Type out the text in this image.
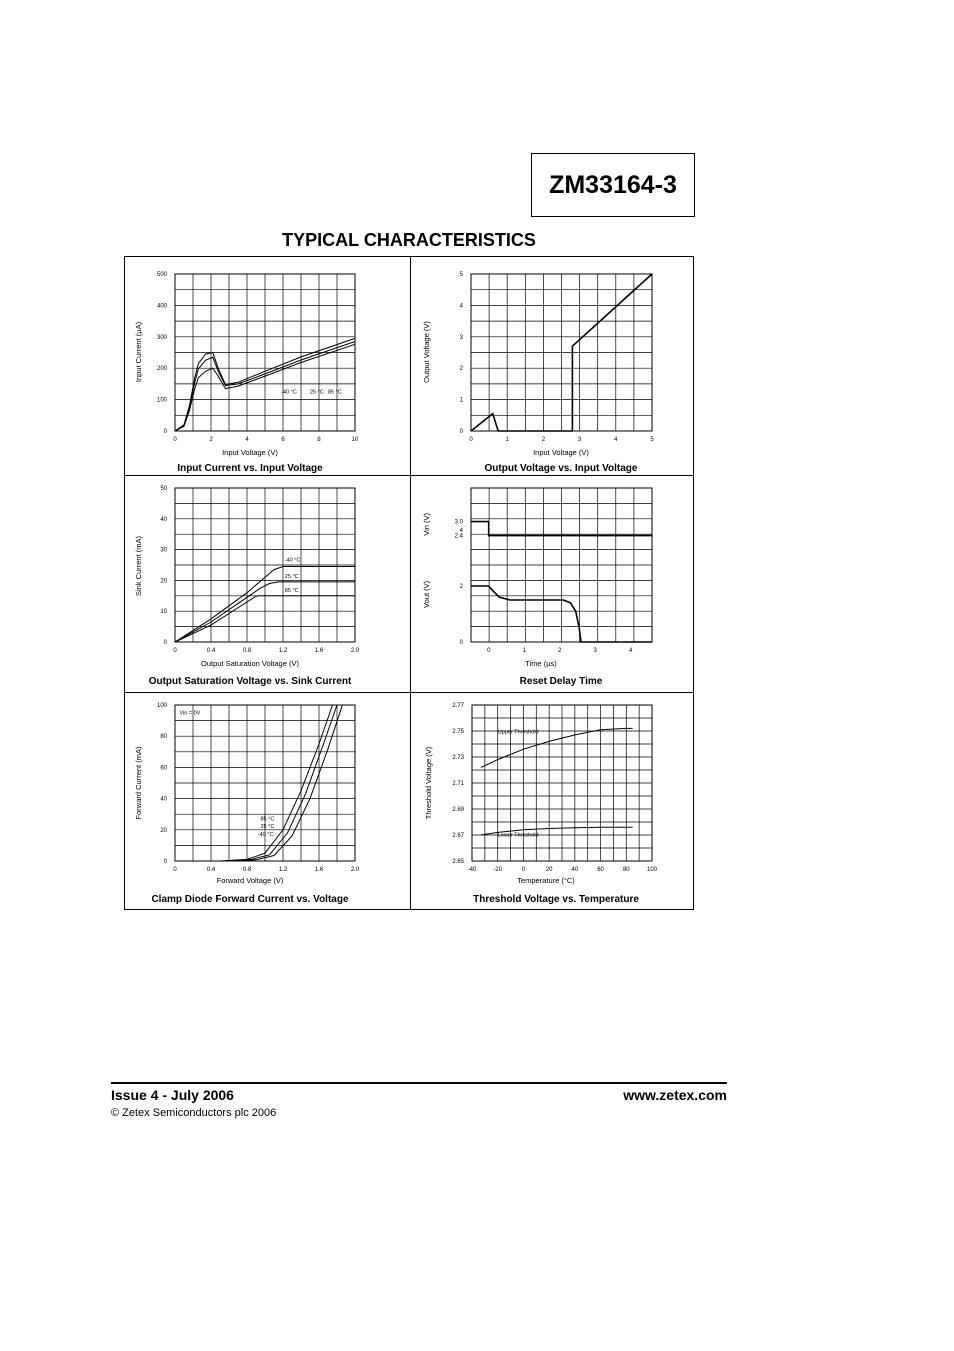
ZM33164-3
TYPICAL CHARACTERISTICS
0	2	4	6	8	10
0
100
200
300
400
500
Input Voltage (V)
Input Current (µA)
Input Current vs. Input Voltage
-40 °C 25 °C 85 °C
0	1	2	3	4	5
0
1
2
3
4
5
Input Voltage (V)
Output Voltage (V)
Output Voltage vs. Input Voltage
0	0.4	0.8	1.2	1.6	2.0
0
10
20
30
40
50
Output Saturation Voltage (V)
Sink Current (mA)
Output Saturation Voltage vs. Sink Current
-40 °C
25 °C
85 °C
0	1	2	3	4
0
2
4
2.4
3.0
Time (µs)
Vin (V)
Vout (V)
Reset Delay Time
0	0.4	0.8	1.2	1.6	2.0
0
20
40
60
80
100
Forward Voltage (V)
Forward Current (mA)
Clamp Diode Forward Current vs. Voltage
85 °C
25 °C
-40 °C
Vin = 0V
-40	-20	0	20	40	60	80	100
2.65
2.67
2.69
2.71
2.73
2.75
2.77
Temperature (°C)
Threshold Voltage (V)
Threshold Voltage vs. Temperature
Upper Threshold
Lower Threshold
Issue 4 - July 2006	www.zetex.com
© Zetex Semiconductors plc 2006
